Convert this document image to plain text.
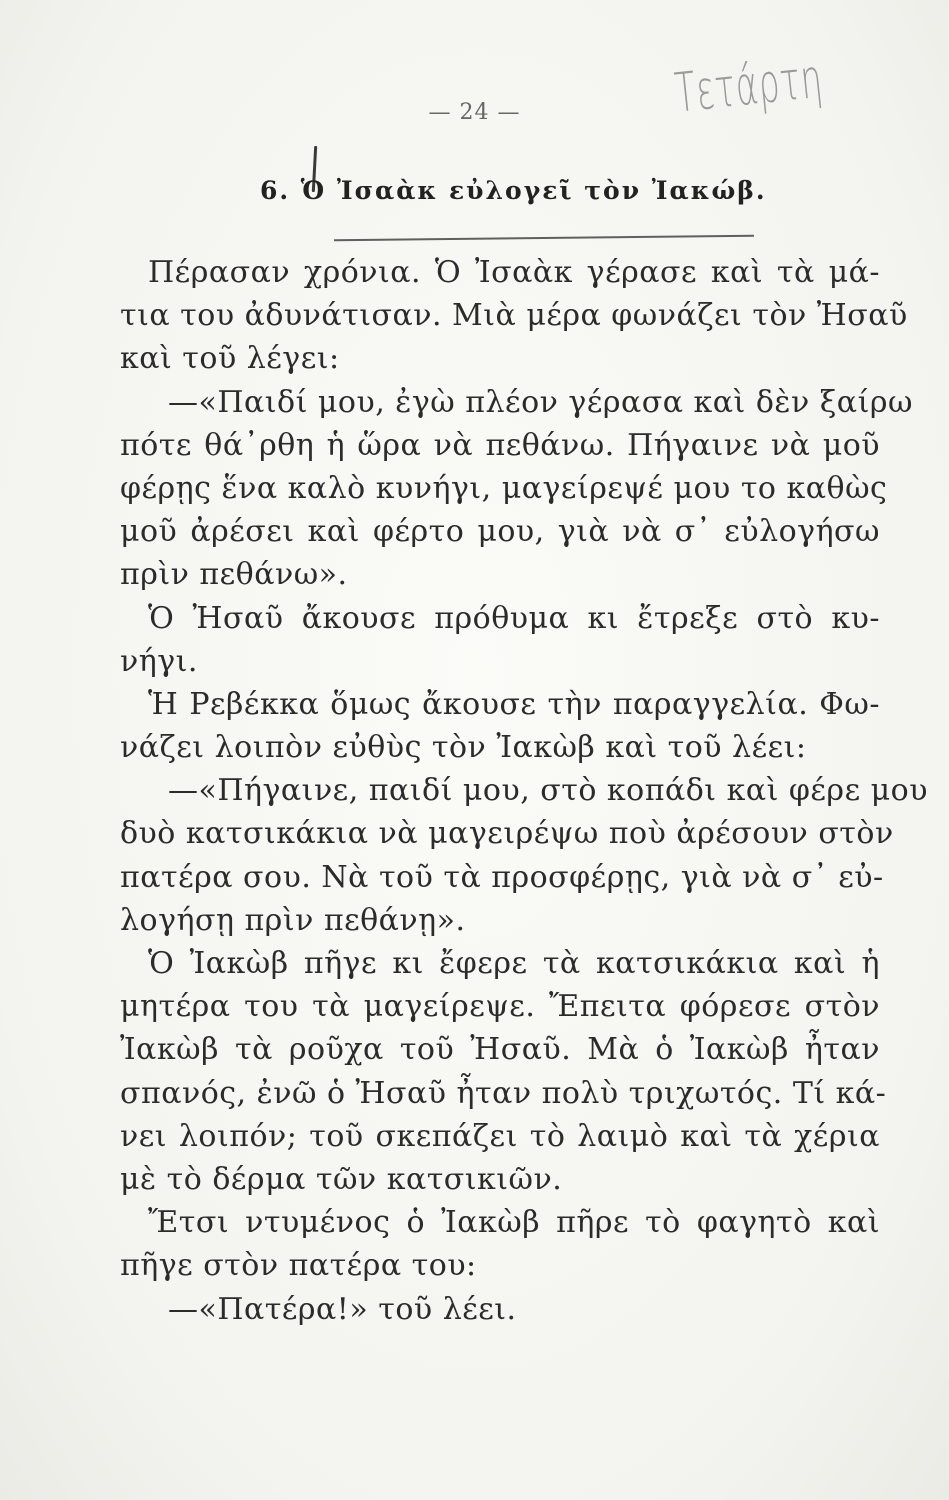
— 24 —	Τετάρτη
6. Ὁ Ἰσαὰκ εὐλογεῖ τὸν Ἰακώβ.
Πέρασαν χρόνια. Ὁ Ἰσαὰκ γέρασε καὶ τὰ μά-
τια του ἀδυνάτισαν. Μιὰ μέρα φωνάζει τὸν Ἠσαῦ
καὶ τοῦ λέγει:
—«Παιδί μου, ἐγὼ πλέον γέρασα καὶ δὲν ξαίρω
πότε θά᾿ρθη ἡ ὥρα νὰ πεθάνω. Πήγαινε νὰ μοῦ
φέρῃς ἕνα καλὸ κυνήγι, μαγείρεψέ μου το καθὼς
μοῦ ἀρέσει καὶ φέρτο μου, γιὰ νὰ σ᾿ εὐλογήσω
πρὶν πεθάνω».
Ὁ Ἠσαῦ ἄκουσε πρόθυμα κι ἔτρεξε στὸ κυ-
νήγι.
Ἡ Ρεβέκκα ὅμως ἄκουσε τὴν παραγγελία. Φω-
νάζει λοιπὸν εὐθὺς τὸν Ἰακὼβ καὶ τοῦ λέει:
—«Πήγαινε, παιδί μου, στὸ κοπάδι καὶ φέρε μου
δυὸ κατσικάκια νὰ μαγειρέψω ποὺ ἀρέσουν στὸν
πατέρα σου. Νὰ τοῦ τὰ προσφέρῃς, γιὰ νὰ σ᾿ εὐ-
λογήσῃ πρὶν πεθάνῃ».
Ὁ Ἰακὼβ πῆγε κι ἔφερε τὰ κατσικάκια καὶ ἡ
μητέρα του τὰ μαγείρεψε. Ἔπειτα φόρεσε στὸν
Ἰακὼβ τὰ ροῦχα τοῦ Ἠσαῦ. Μὰ ὁ Ἰακὼβ ἦταν
σπανός, ἐνῶ ὁ Ἠσαῦ ἦταν πολὺ τριχωτός. Τί κά-
νει λοιπόν; τοῦ σκεπάζει τὸ λαιμὸ καὶ τὰ χέρια
μὲ τὸ δέρμα τῶν κατσικιῶν.
Ἔτσι ντυμένος ὁ Ἰακὼβ πῆρε τὸ φαγητὸ καὶ
πῆγε στὸν πατέρα του:
—«Πατέρα!» τοῦ λέει.
